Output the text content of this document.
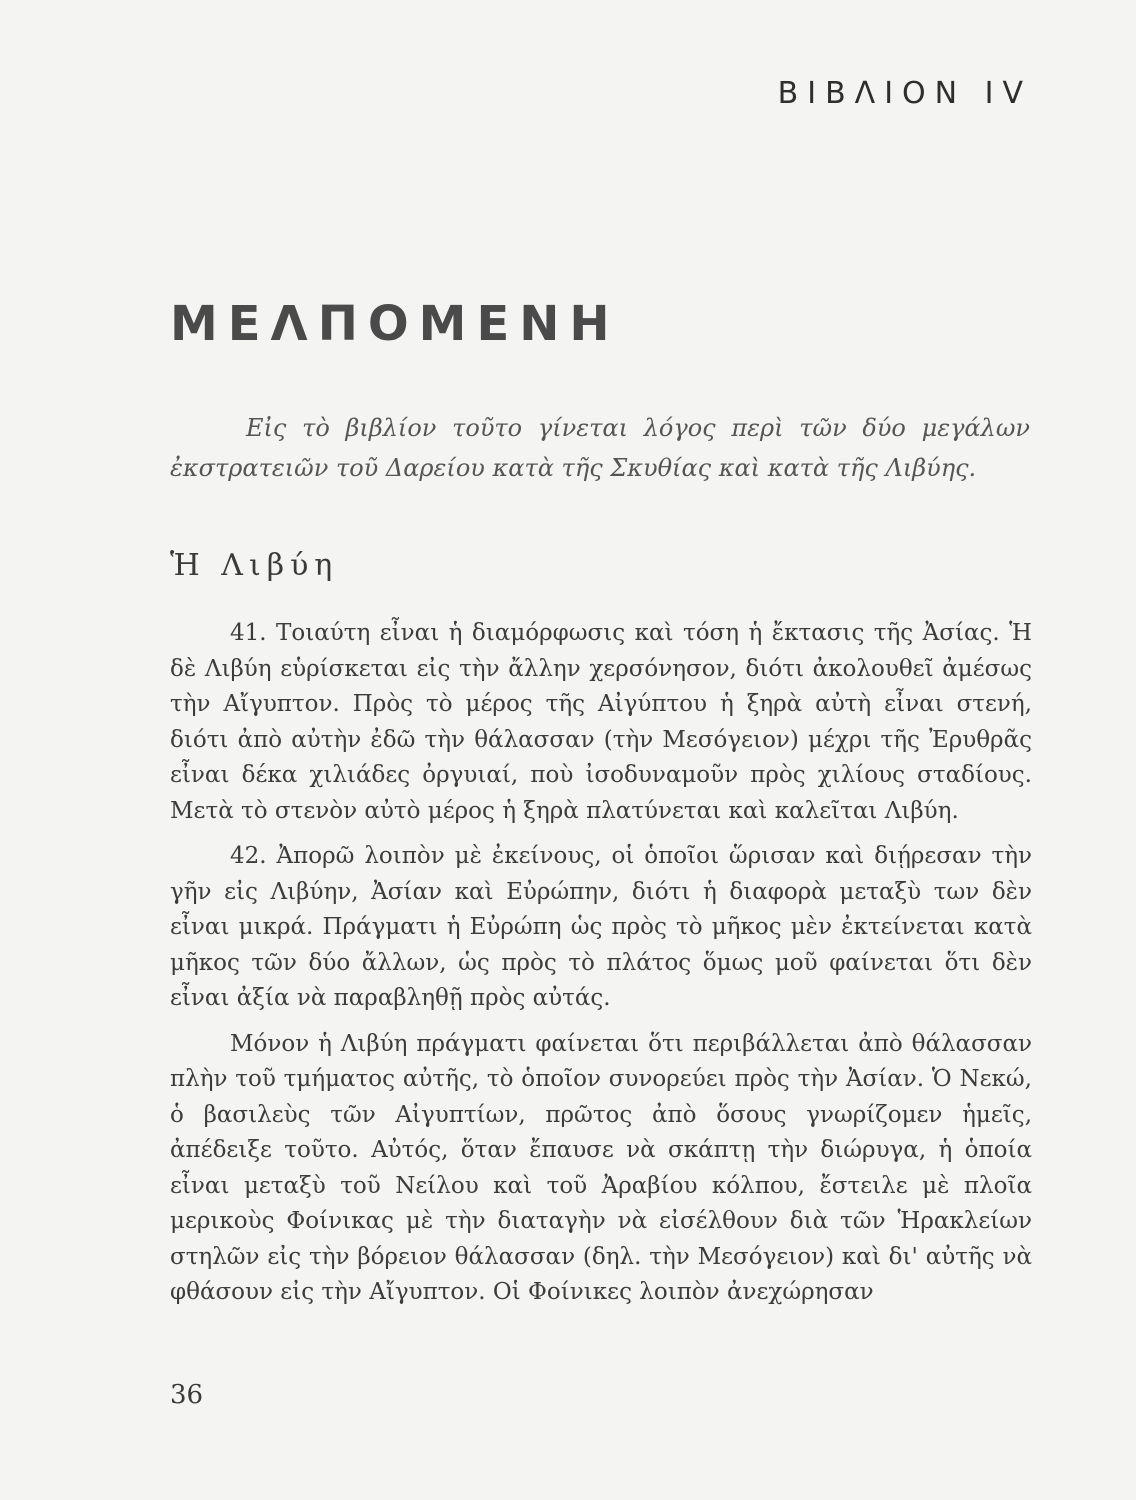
ΒΙΒΛΙΟΝ IV
ΜΕΛΠΟΜΕΝΗ
Εἰς τὸ βιβλίον τοῦτο γίνεται λόγος περὶ τῶν δύο μεγάλων ἐκστρατειῶν τοῦ Δαρείου κατὰ τῆς Σκυθίας καὶ κατὰ τῆς Λιβύης.
Ἡ Λιβύη

41. Τοιαύτη εἶναι ἡ διαμόρφωσις καὶ τόση ἡ ἔκτασις τῆς Ἀσίας. Ἡ δὲ Λιβύη εὑρίσκεται εἰς τὴν ἄλλην χερσόνησον, διότι ἀκολουθεῖ ἀμέσως τὴν Αἴγυπτον. Πρὸς τὸ μέρος τῆς Αἰγύπτου ἡ ξηρὰ αὐτὴ εἶναι στενή, διότι ἀπὸ αὐτὴν ἐδῶ τὴν θάλασσαν (τὴν Μεσόγειον) μέχρι τῆς Ἐρυθρᾶς εἶναι δέκα χιλιάδες ὀργυιαί, ποὺ ἰσοδυναμοῦν πρὸς χιλίους σταδίους. Μετὰ τὸ στενὸν αὐτὸ μέρος ἡ ξηρὰ πλατύνεται καὶ καλεῖται Λιβύη.

42. Ἀπορῶ λοιπὸν μὲ ἐκείνους, οἱ ὁποῖοι ὥρισαν καὶ διῄρεσαν τὴν γῆν εἰς Λιβύην, Ἀσίαν καὶ Εὐρώπην, διότι ἡ διαφορὰ μεταξὺ των δὲν εἶναι μικρά. Πράγματι ἡ Εὐρώπη ὡς πρὸς τὸ μῆκος μὲν ἐκτείνεται κατὰ μῆκος τῶν δύο ἄλλων, ὡς πρὸς τὸ πλάτος ὅμως μοῦ φαίνεται ὅτι δὲν εἶναι ἀξία νὰ παραβληθῇ πρὸς αὐτάς.

Μόνον ἡ Λιβύη πράγματι φαίνεται ὅτι περιβάλλεται ἀπὸ θάλασσαν πλὴν τοῦ τμήματος αὐτῆς, τὸ ὁποῖον συνορεύει πρὸς τὴν Ἀσίαν. Ὁ Νεκώ, ὁ βασιλεὺς τῶν Αἰγυπτίων, πρῶτος ἀπὸ ὅσους γνωρίζομεν ἡμεῖς, ἀπέδειξε τοῦτο. Αὐτός, ὅταν ἔπαυσε νὰ σκάπτῃ τὴν διώρυγα, ἡ ὁποία εἶναι μεταξὺ τοῦ Νείλου καὶ τοῦ Ἀραβίου κόλπου, ἔστειλε μὲ πλοῖα μερικοὺς Φοίνικας μὲ τὴν διαταγὴν νὰ εἰσέλθουν διὰ τῶν Ἡρακλείων στηλῶν εἰς τὴν βόρειον θάλασσαν (δηλ. τὴν Μεσόγειον) καὶ δι' αὐτῆς νὰ φθάσουν εἰς τὴν Αἴγυπτον. Οἱ Φοίνικες λοιπὸν ἀνεχώρησαν

36
